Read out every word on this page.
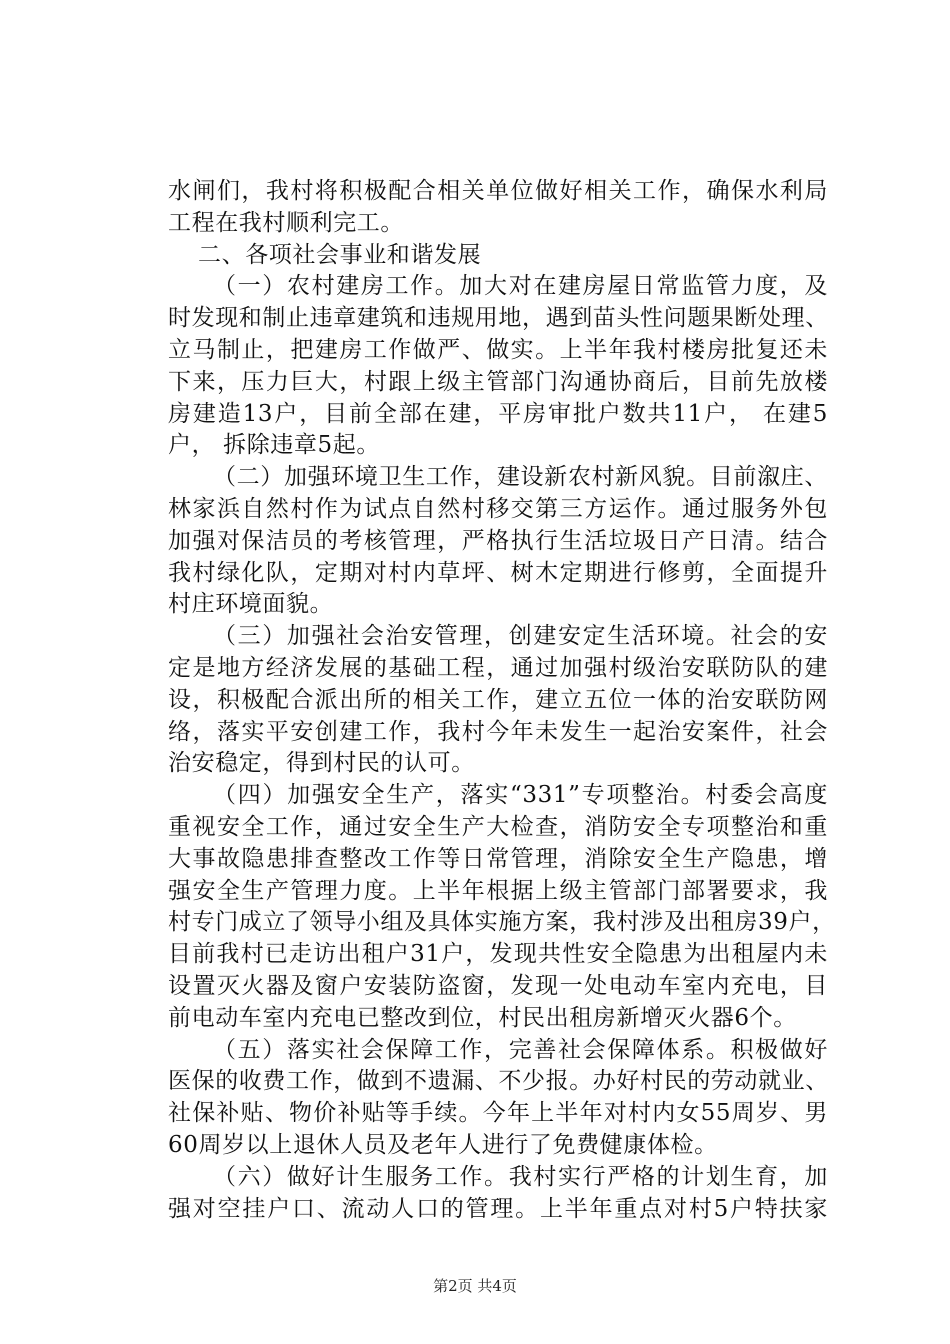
水闸们，我村将积极配合相关单位做好相关工作，确保水利局
工程在我村顺利完工。
二、各项社会事业和谐发展
（一）农村建房工作。加大对在建房屋日常监管力度，及
时发现和制止违章建筑和违规用地，遇到苗头性问题果断处理、
立马制止，把建房工作做严、做实。上半年我村楼房批复还未
下来，压力巨大，村跟上级主管部门沟通协商后，目前先放楼
房建造13户，目前全部在建，平房审批户数共11户， 在建5
户， 拆除违章5起。
（二）加强环境卫生工作，建设新农村新风貌。目前溆庄、
林家浜自然村作为试点自然村移交第三方运作。通过服务外包
加强对保洁员的考核管理，严格执行生活垃圾日产日清。结合
我村绿化队，定期对村内草坪、树木定期进行修剪，全面提升
村庄环境面貌。
（三）加强社会治安管理，创建安定生活环境。社会的安
定是地方经济发展的基础工程，通过加强村级治安联防队的建
设，积极配合派出所的相关工作，建立五位一体的治安联防网
络，落实平安创建工作，我村今年未发生一起治安案件，社会
治安稳定，得到村民的认可。
（四）加强安全生产，落实“331”专项整治。村委会高度
重视安全工作，通过安全生产大检查，消防安全专项整治和重
大事故隐患排查整改工作等日常管理，消除安全生产隐患，增
强安全生产管理力度。上半年根据上级主管部门部署要求，我
村专门成立了领导小组及具体实施方案，我村涉及出租房39户，
目前我村已走访出租户31户，发现共性安全隐患为出租屋内未
设置灭火器及窗户安装防盗窗，发现一处电动车室内充电，目
前电动车室内充电已整改到位，村民出租房新增灭火器6个。
（五）落实社会保障工作，完善社会保障体系。积极做好
医保的收费工作，做到不遗漏、不少报。办好村民的劳动就业、
社保补贴、物价补贴等手续。今年上半年对村内女55周岁、男
60周岁以上退休人员及老年人进行了免费健康体检。
（六）做好计生服务工作。我村实行严格的计划生育，加
强对空挂户口、流动人口的管理。上半年重点对村5户特扶家
第2页 共4页
